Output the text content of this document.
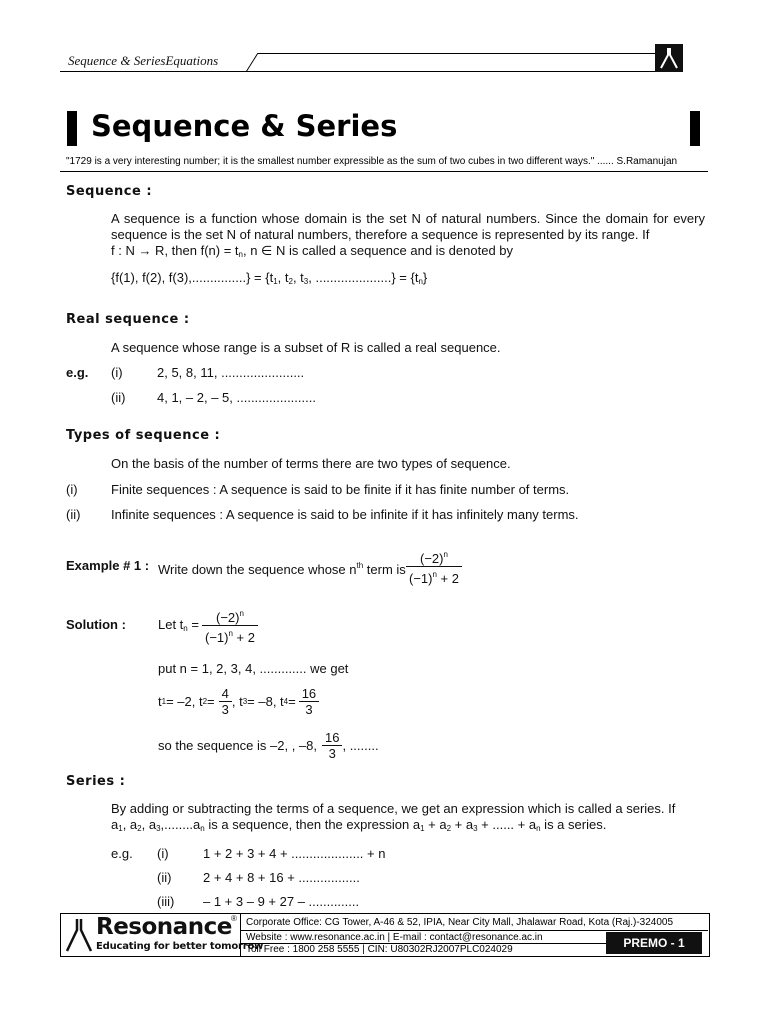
Sequence & SeriesEquations
Sequence & Series
"1729 is a very interesting number; it is the smallest number expressible as the sum of two cubes in two different ways." ...... S.Ramanujan
Sequence :
A sequence is a function whose domain is the set N of natural numbers. Since the domain for every sequence is the set N of natural numbers, therefore a sequence is represented by its range. If
f : N → R, then $f(n) = t_n$, n ∈ N is called a sequence and is denoted by
{f(1), f(2), $f(3),...............\} = \{t_1$, $t_2$, $t_3$, .....................} = $\{t_n\}$
Real sequence :
A sequence whose range is a subset of R is called a real sequence.
e.g. (i)	2, 5, 8, 11, .......................
(ii) 4, 1, – 2, – 5, ......................
Types of sequence :
On the basis of the number of terms there are two types of sequence.
(i)	Finite sequences : A sequence is said to be finite if it has finite number of terms.
(ii) Infinite sequences : A sequence is said to be infinite if it has infinitely many terms.
Example # 1 : Write down the sequence whose $n^{th}$ term is $\frac{(-2)^n}{(-1)^n + 2}$
Solution : Let $t_n = \frac{(-2)^n}{(-1)^n + 2}$
put n = 1, 2, 3, 4, ............. we get
t 1 = –2, t $2 = \frac{4}{3}$ , t 3 = –8, t $4 = \frac{16}{3}$
so the sequence is –2, , –8, $\frac{16}{3}$ , ........
Series :
By adding or subtracting the terms of a sequence, we get an expression which is called a series. If
$a_1$, $a_2$, $a_3,........a_n$ is a sequence, then the expression $a_1 + a_2 + a_3$ + ...... + $a_n$ is a series.
e.g. (i)	1 + 2 + 3 + 4 + .................... + n
(ii) 2 + 4 + 8 + 16 + .................
(iii) – 1 + 3 – 9 + 27 – ..............
Resonance ®
Educating for better tomorrow
Corporate Office: CG Tower, A-46 & 52, IPIA, Near City Mall, Jhalawar Road, Kota (Raj.)-324005
Website : www.resonance.ac.in | E-mail : contact@resonance.ac.in
Toll Free : 1800 258 5555 | CIN: U80302RJ2007PLC024029	PREMO - 1
